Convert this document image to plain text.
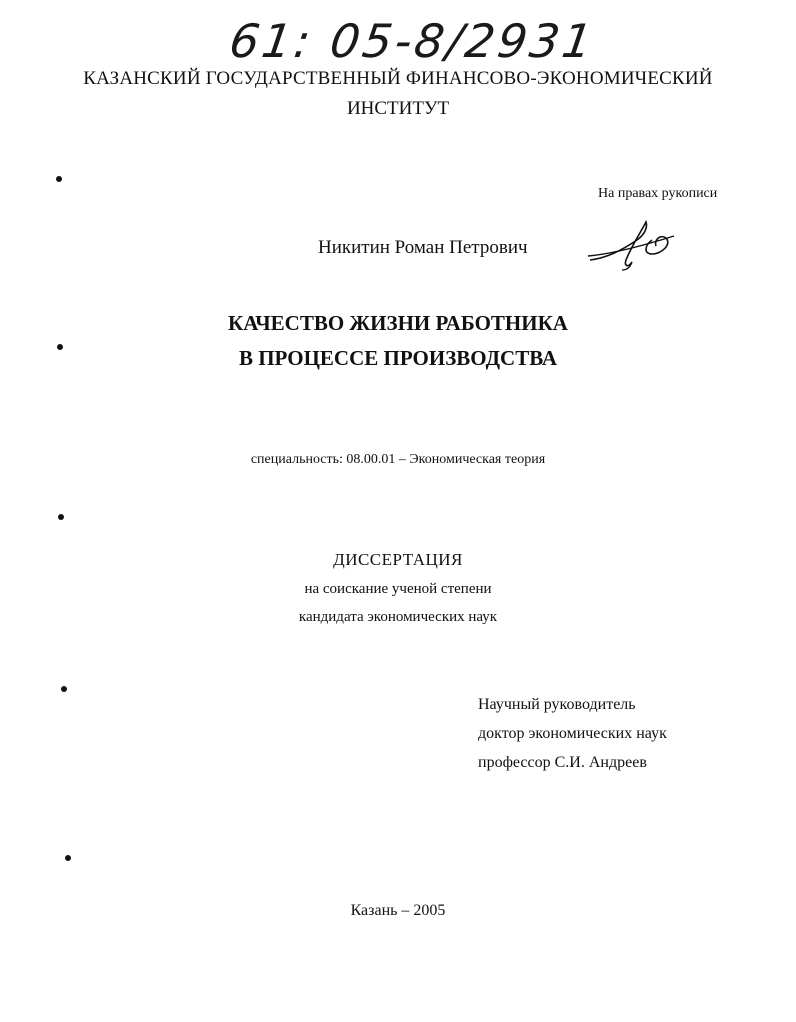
61: 05-8/2931
КАЗАНСКИЙ ГОСУДАРСТВЕННЫЙ ФИНАНСОВО-ЭКОНОМИЧЕСКИЙ
ИНСТИТУТ
На правах рукописи
Никитин Роман Петрович
КАЧЕСТВО ЖИЗНИ РАБОТНИКА
В ПРОЦЕССЕ ПРОИЗВОДСТВА
специальность: 08.00.01 – Экономическая теория
ДИССЕРТАЦИЯ
на соискание ученой степени
кандидата экономических наук
Научный руководитель
доктор экономических наук
профессор С.И. Андреев
Казань – 2005
